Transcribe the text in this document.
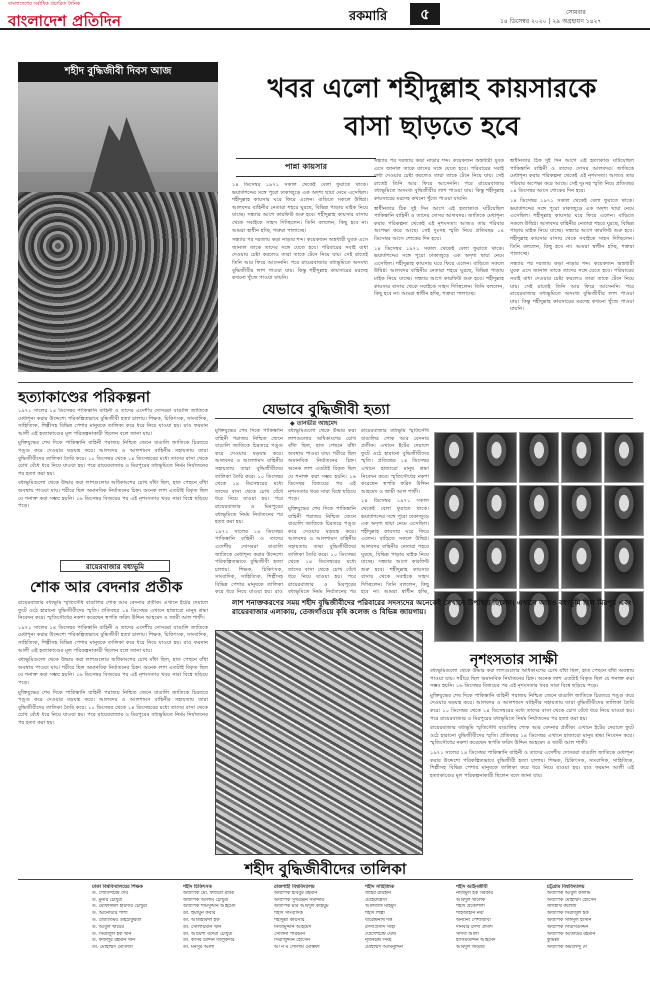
বাংলাদেশের সর্বাধিক প্রচারিত দৈনিক
বাংলাদেশ প্রতিদিন	রকমারি	৫	সোমবার
১৪ ডিসেম্বর ২০২০ | ২৯ অগ্রহায়ণ ১৪২৭
শহীদ বুদ্ধিজীবী দিবস আজ
খবর এলো শহীদুল্লাহ কায়সারকে
বাসা ছাড়তে হবে
পান্না কায়সার

১৪ ডিসেম্বর ১৯৭১ সকাল থেকেই বেলা ফুরাতে থাকে। ভয়ার্তশব্দের সঙ্গে পুরো ঢাকাজুড়ে এক অদৃশ্য ছায়া নেমে এসেছিল। শহীদুল্লাহ কায়সার ঘরে ফিরে এলেন। বাড়িতে সকলে উদ্বিগ্ন। আলবদর বাহিনীর নেতারা শহরে ঘুরছে, বিভিন্ন পাড়ায় মাইক নিয়ে যাচ্ছে। সন্ধ্যার আগে কারফিউ শুরু হবে। শহীদুল্লাহ কায়সার বাসায় থেকে সবাইকে সাহস দিচ্ছিলেন। তিনি বললেন, কিছু হবে না। আমরা স্বাধীন হচ্ছি, শত্রুরা পালাচ্ছে।

সন্ধ্যার পর দরজায় কড়া নাড়ার শব্দ। কয়েকজন অস্ত্রধারী যুবক এসে জানাল তাকে তাদের সঙ্গে যেতে হবে। পরিবারের সবাই বাধা দেওয়ার চেষ্টা করলেও তারা তাকে টেনে নিয়ে যায়। সেই রাতেই তিনি আর ফিরে আসেননি। পরে রায়েরবাজার বধ্যভূমিতে অসংখ্য বুদ্ধিজীবীর লাশ পাওয়া যায়। কিন্তু শহীদুল্লাহ কায়সারের মরদেহ কখনো খুঁজে পাওয়া যায়নি।

সন্ধ্যার পর দরজায় কড়া নাড়ার শব্দ। কয়েকজন অস্ত্রধারী যুবক এসে জানাল তাকে তাদের সঙ্গে যেতে হবে। পরিবারের সবাই বাধা দেওয়ার চেষ্টা করলেও তারা তাকে টেনে নিয়ে যায়। সেই রাতেই তিনি আর ফিরে আসেননি। পরে রায়েরবাজার বধ্যভূমিতে অসংখ্য বুদ্ধিজীবীর লাশ পাওয়া যায়। কিন্তু শহীদুল্লাহ কায়সারের মরদেহ কখনো খুঁজে পাওয়া যায়নি।

স্বাধীনতার ঠিক দুই দিন আগে এই হত্যাকাণ্ড ঘটিয়েছিল পাকিস্তানি বাহিনী ও তাদের দোসর আলবদর। জাতিকে মেধাশূন্য করার পরিকল্পনা থেকেই এই নৃশংসতা। আজও তার পরিবার অপেক্ষা করে আছে। সেই দুঃসহ স্মৃতি নিয়ে প্রতিবছর ১৪ ডিসেম্বর আসে শোকের দিন হয়ে।

১৪ ডিসেম্বর ১৯৭১ সকাল থেকেই বেলা ফুরাতে থাকে। ভয়ার্তশব্দের সঙ্গে পুরো ঢাকাজুড়ে এক অদৃশ্য ছায়া নেমে এসেছিল। শহীদুল্লাহ কায়সার ঘরে ফিরে এলেন। বাড়িতে সকলে উদ্বিগ্ন। আলবদর বাহিনীর নেতারা শহরে ঘুরছে, বিভিন্ন পাড়ায় মাইক নিয়ে যাচ্ছে। সন্ধ্যার আগে কারফিউ শুরু হবে। শহীদুল্লাহ কায়সার বাসায় থেকে সবাইকে সাহস দিচ্ছিলেন। তিনি বললেন, কিছু হবে না। আমরা স্বাধীন হচ্ছি, শত্রুরা পালাচ্ছে।

স্বাধীনতার ঠিক দুই দিন আগে এই হত্যাকাণ্ড ঘটিয়েছিল পাকিস্তানি বাহিনী ও তাদের দোসর আলবদর। জাতিকে মেধাশূন্য করার পরিকল্পনা থেকেই এই নৃশংসতা। আজও তার পরিবার অপেক্ষা করে আছে। সেই দুঃসহ স্মৃতি নিয়ে প্রতিবছর ১৪ ডিসেম্বর আসে শোকের দিন হয়ে।

১৪ ডিসেম্বর ১৯৭১ সকাল থেকেই বেলা ফুরাতে থাকে। ভয়ার্তশব্দের সঙ্গে পুরো ঢাকাজুড়ে এক অদৃশ্য ছায়া নেমে এসেছিল। শহীদুল্লাহ কায়সার ঘরে ফিরে এলেন। বাড়িতে সকলে উদ্বিগ্ন। আলবদর বাহিনীর নেতারা শহরে ঘুরছে, বিভিন্ন পাড়ায় মাইক নিয়ে যাচ্ছে। সন্ধ্যার আগে কারফিউ শুরু হবে। শহীদুল্লাহ কায়সার বাসায় থেকে সবাইকে সাহস দিচ্ছিলেন। তিনি বললেন, কিছু হবে না। আমরা স্বাধীন হচ্ছি, শত্রুরা পালাচ্ছে।

সন্ধ্যার পর দরজায় কড়া নাড়ার শব্দ। কয়েকজন অস্ত্রধারী যুবক এসে জানাল তাকে তাদের সঙ্গে যেতে হবে। পরিবারের সবাই বাধা দেওয়ার চেষ্টা করলেও তারা তাকে টেনে নিয়ে যায়। সেই রাতেই তিনি আর ফিরে আসেননি। পরে রায়েরবাজার বধ্যভূমিতে অসংখ্য বুদ্ধিজীবীর লাশ পাওয়া যায়। কিন্তু শহীদুল্লাহ কায়সারের মরদেহ কখনো খুঁজে পাওয়া যায়নি।

হত্যাকাণ্ডের পরিকল্পনা

১৯৭১ সালের ১৪ ডিসেম্বর পাকিস্তানি বাহিনী ও তাদের এদেশীয় দোসররা বাঙালি জাতিকে মেধাশূন্য করার উদ্দেশ্যে পরিকল্পিতভাবে বুদ্ধিজীবী হত্যা চালায়। শিক্ষক, চিকিৎসক, সাংবাদিক, সাহিত্যিক, শিল্পীসহ বিভিন্ন পেশার মানুষকে তালিকা করে ধরে নিয়ে যাওয়া হয়। রাও ফরমান আলী এই হত্যাকাণ্ডের মূল পরিকল্পনাকারী ছিলেন বলে জানা যায়।

মুক্তিযুদ্ধের শেষ দিকে পাকিস্তানি বাহিনী পরাজয় নিশ্চিত জেনে বাঙালি জাতিকে চিরতরে পঙ্গু করে দেওয়ার ষড়যন্ত্র করে। আলবদর ও আলশামস বাহিনীর সহায়তায় তারা বুদ্ধিজীবীদের তালিকা তৈরি করে। ১০ ডিসেম্বর থেকে ১৪ ডিসেম্বরের মধ্যে তাদের বাসা থেকে চোখ বেঁধে ধরে নিয়ে যাওয়া হয়। পরে রায়েরবাজার ও মিরপুরের বধ্যভূমিতে নির্মম নির্যাতনের পর হত্যা করা হয়।

বধ্যভূমিগুলো থেকে উদ্ধার করা লাশগুলোর অধিকাংশের চোখ বাঁধা ছিল, হাত পেছনে বাঁধা অবস্থায় পাওয়া যায়। শরীরে ছিল অমানবিক নির্যাতনের চিহ্ন। অনেক লাশ এতটাই বিকৃত ছিল যে শনাক্ত করা সম্ভব হয়নি। ১৬ ডিসেম্বর বিজয়ের পর এই নৃশংসতার খবর সারা বিশ্বে ছড়িয়ে পড়ে।

রায়েরবাজার বধ্যভূমি
শোক আর বেদনার প্রতীক

রায়েরবাজার বধ্যভূমি স্মৃতিসৌধ বাঙালির শোক আর বেদনার প্রতীক। এখানে ইটের দেয়ালে ফুটে ওঠে হারানো বুদ্ধিজীবীদের স্মৃতি। প্রতিবছর ১৪ ডিসেম্বর এখানে হাজারো মানুষ শ্রদ্ধা নিবেদন করে। স্মৃতিসৌধের নকশা করেছেন স্থপতি ফরিদ উদ্দিন আহমেদ ও জামী আল শাফী।

১৯৭১ সালের ১৪ ডিসেম্বর পাকিস্তানি বাহিনী ও তাদের এদেশীয় দোসররা বাঙালি জাতিকে মেধাশূন্য করার উদ্দেশ্যে পরিকল্পিতভাবে বুদ্ধিজীবী হত্যা চালায়। শিক্ষক, চিকিৎসক, সাংবাদিক, সাহিত্যিক, শিল্পীসহ বিভিন্ন পেশার মানুষকে তালিকা করে ধরে নিয়ে যাওয়া হয়। রাও ফরমান আলী এই হত্যাকাণ্ডের মূল পরিকল্পনাকারী ছিলেন বলে জানা যায়।

বধ্যভূমিগুলো থেকে উদ্ধার করা লাশগুলোর অধিকাংশের চোখ বাঁধা ছিল, হাত পেছনে বাঁধা অবস্থায় পাওয়া যায়। শরীরে ছিল অমানবিক নির্যাতনের চিহ্ন। অনেক লাশ এতটাই বিকৃত ছিল যে শনাক্ত করা সম্ভব হয়নি। ১৬ ডিসেম্বর বিজয়ের পর এই নৃশংসতার খবর সারা বিশ্বে ছড়িয়ে পড়ে।

মুক্তিযুদ্ধের শেষ দিকে পাকিস্তানি বাহিনী পরাজয় নিশ্চিত জেনে বাঙালি জাতিকে চিরতরে পঙ্গু করে দেওয়ার ষড়যন্ত্র করে। আলবদর ও আলশামস বাহিনীর সহায়তায় তারা বুদ্ধিজীবীদের তালিকা তৈরি করে। ১০ ডিসেম্বর থেকে ১৪ ডিসেম্বরের মধ্যে তাদের বাসা থেকে চোখ বেঁধে ধরে নিয়ে যাওয়া হয়। পরে রায়েরবাজার ও মিরপুরের বধ্যভূমিতে নির্মম নির্যাতনের পর হত্যা করা হয়।

যেভাবে বুদ্ধিজীবী হত্যা
◆ তানভীর আহমেদ

মুক্তিযুদ্ধের শেষ দিকে পাকিস্তানি বাহিনী পরাজয় নিশ্চিত জেনে বাঙালি জাতিকে চিরতরে পঙ্গু করে দেওয়ার ষড়যন্ত্র করে। আলবদর ও আলশামস বাহিনীর সহায়তায় তারা বুদ্ধিজীবীদের তালিকা তৈরি করে। ১০ ডিসেম্বর থেকে ১৪ ডিসেম্বরের মধ্যে তাদের বাসা থেকে চোখ বেঁধে ধরে নিয়ে যাওয়া হয়। পরে রায়েরবাজার ও মিরপুরের বধ্যভূমিতে নির্মম নির্যাতনের পর হত্যা করা হয়।

১৯৭১ সালের ১৪ ডিসেম্বর পাকিস্তানি বাহিনী ও তাদের এদেশীয় দোসররা বাঙালি জাতিকে মেধাশূন্য করার উদ্দেশ্যে পরিকল্পিতভাবে বুদ্ধিজীবী হত্যা চালায়। শিক্ষক, চিকিৎসক, সাংবাদিক, সাহিত্যিক, শিল্পীসহ বিভিন্ন পেশার মানুষকে তালিকা করে ধরে নিয়ে যাওয়া হয়। রাও

বধ্যভূমিগুলো থেকে উদ্ধার করা লাশগুলোর অধিকাংশের চোখ বাঁধা ছিল, হাত পেছনে বাঁধা অবস্থায় পাওয়া যায়। শরীরে ছিল অমানবিক নির্যাতনের চিহ্ন। অনেক লাশ এতটাই বিকৃত ছিল যে শনাক্ত করা সম্ভব হয়নি। ১৬ ডিসেম্বর বিজয়ের পর এই নৃশংসতার খবর সারা বিশ্বে ছড়িয়ে পড়ে।

মুক্তিযুদ্ধের শেষ দিকে পাকিস্তানি বাহিনী পরাজয় নিশ্চিত জেনে বাঙালি জাতিকে চিরতরে পঙ্গু করে দেওয়ার ষড়যন্ত্র করে। আলবদর ও আলশামস বাহিনীর সহায়তায় তারা বুদ্ধিজীবীদের তালিকা তৈরি করে। ১০ ডিসেম্বর থেকে ১৪ ডিসেম্বরের মধ্যে তাদের বাসা থেকে চোখ বেঁধে ধরে নিয়ে যাওয়া হয়। পরে রায়েরবাজার ও মিরপুরের বধ্যভূমিতে নির্মম নির্যাতনের পর

রায়েরবাজার বধ্যভূমি স্মৃতিসৌধ বাঙালির শোক আর বেদনার প্রতীক। এখানে ইটের দেয়ালে ফুটে ওঠে হারানো বুদ্ধিজীবীদের স্মৃতি। প্রতিবছর ১৪ ডিসেম্বর এখানে হাজারো মানুষ শ্রদ্ধা নিবেদন করে। স্মৃতিসৌধের নকশা করেছেন স্থপতি ফরিদ উদ্দিন আহমেদ ও জামী আল শাফী।

১৪ ডিসেম্বর ১৯৭১ সকাল থেকেই বেলা ফুরাতে থাকে। ভয়ার্তশব্দের সঙ্গে পুরো ঢাকাজুড়ে এক অদৃশ্য ছায়া নেমে এসেছিল। শহীদুল্লাহ কায়সার ঘরে ফিরে এলেন। বাড়িতে সকলে উদ্বিগ্ন। আলবদর বাহিনীর নেতারা শহরে ঘুরছে, বিভিন্ন পাড়ায় মাইক নিয়ে যাচ্ছে। সন্ধ্যার আগে কারফিউ শুরু হবে। শহীদুল্লাহ কায়সার বাসায় থেকে সবাইকে সাহস দিচ্ছিলেন। তিনি বললেন, কিছু হবে না। আমরা স্বাধীন হচ্ছি,

লাশ শনাক্তকরণের সময় শহীদ বুদ্ধিজীবীদের পরিবারের সদস্যদের অনেকেই সেখানে উপস্থিত ছিলেন। এখানে আরও বধ্যভূমি ছিল মিরপুর এবং রায়েরবাজার এলাকায়, তেজগাঁওয়ে কৃষি কলেজ ও বিভিন্ন জায়গায়।
নৃশংসতার সাক্ষী

বধ্যভূমিগুলো থেকে উদ্ধার করা লাশগুলোর অধিকাংশের চোখ বাঁধা ছিল, হাত পেছনে বাঁধা অবস্থায় পাওয়া যায়। শরীরে ছিল অমানবিক নির্যাতনের চিহ্ন। অনেক লাশ এতটাই বিকৃত ছিল যে শনাক্ত করা সম্ভব হয়নি। ১৬ ডিসেম্বর বিজয়ের পর এই নৃশংসতার খবর সারা বিশ্বে ছড়িয়ে পড়ে।

মুক্তিযুদ্ধের শেষ দিকে পাকিস্তানি বাহিনী পরাজয় নিশ্চিত জেনে বাঙালি জাতিকে চিরতরে পঙ্গু করে দেওয়ার ষড়যন্ত্র করে। আলবদর ও আলশামস বাহিনীর সহায়তায় তারা বুদ্ধিজীবীদের তালিকা তৈরি করে। ১০ ডিসেম্বর থেকে ১৪ ডিসেম্বরের মধ্যে তাদের বাসা থেকে চোখ বেঁধে ধরে নিয়ে যাওয়া হয়। পরে রায়েরবাজার ও মিরপুরের বধ্যভূমিতে নির্মম নির্যাতনের পর হত্যা করা হয়।

রায়েরবাজার বধ্যভূমি স্মৃতিসৌধ বাঙালির শোক আর বেদনার প্রতীক। এখানে ইটের দেয়ালে ফুটে ওঠে হারানো বুদ্ধিজীবীদের স্মৃতি। প্রতিবছর ১৪ ডিসেম্বর এখানে হাজারো মানুষ শ্রদ্ধা নিবেদন করে। স্মৃতিসৌধের নকশা করেছেন স্থপতি ফরিদ উদ্দিন আহমেদ ও জামী আল শাফী।

১৯৭১ সালের ১৪ ডিসেম্বর পাকিস্তানি বাহিনী ও তাদের এদেশীয় দোসররা বাঙালি জাতিকে মেধাশূন্য করার উদ্দেশ্যে পরিকল্পিতভাবে বুদ্ধিজীবী হত্যা চালায়। শিক্ষক, চিকিৎসক, সাংবাদিক, সাহিত্যিক, শিল্পীসহ বিভিন্ন পেশার মানুষকে তালিকা করে ধরে নিয়ে যাওয়া হয়। রাও ফরমান আলী এই হত্যাকাণ্ডের মূল পরিকল্পনাকারী ছিলেন বলে জানা যায়।

শহীদ বুদ্ধিজীবীদের তালিকা
ঢাকা বিশ্ববিদ্যালয়ের শিক্ষক
ড. গোবিন্দচন্দ্র দেব
ড. মুনীর চৌধুরী
ড. মোফাজ্জল হায়দার চৌধুরী
ড. আনোয়ার পাশা
ড. জ্যোতির্ময় গুহঠাকুরতা
ড. আবুল খায়ের
ড. সিরাজুল হক খান
ড. ফজলুর রহমান খান
ডা. মোহাম্মদ মোর্তজা
শহীদ চিকিৎসক
অধ্যাপক মো. ফজলে রাব্বী
অধ্যাপক আলীম চৌধুরী
অধ্যাপক শামসুদ্দীন আহমেদ
ডা. হুমায়ুন কবীর
ডা. আজহারুল হক
ডা. সোলায়মান খান
ডা. আয়েশা বদেরা চৌধুরী
ডা. কসির উদ্দিন তালুকদার
ডা. মনসুর আলী
রাজশাহী বিশ্ববিদ্যালয়
অধ্যাপক হবিবুর রহমান
অধ্যাপক সুখরঞ্জন সমাদ্দার
অধ্যাপক মীর আবদুল কাইয়ুম
শহীদ সাংবাদিক
শহীদুল্লা কায়সার
নিজামুদ্দীন আহমেদ
সেলিনা পারভীন
সিরাজুদ্দীন হোসেন
আ ন ম গোলাম মোস্তফা
শহীদ সাহিত্যিক
জহির রায়হান
মেহেরুন্নেসা
আলতাফ মাহমুদ
শহীদ শিল্পী
ধীরেন্দ্রনাথ দত্ত
রণদাপ্রসাদ সাহা
যোগেশচন্দ্র ঘোষ
নূতনচন্দ্র সিংহ
মোহাম্মদ আমিনুদ্দিন
শহীদ আইনজীবী
নাজমুল হক সরকার
আবদুল খালেক
শহীদ প্রকৌশলী
শাহজাহান নবী
অন্যান্য পেশাজীবী
দানবীর রণদা প্রসাদ
সাদত আলী
হাসিমউদ্দিন আহমেদ
আবদুল জব্বার
চট্টগ্রাম বিশ্ববিদ্যালয়
অধ্যাপক আবুল কালাম
অধ্যাপক মোহাম্মদ হোসেন
জগন্নাথ কলেজ
অধ্যাপক সিরাজুল হক
অধ্যাপক সাঈদুল হাসান
অধ্যাপক গিয়াসউদ্দিন
অধ্যাপক আতাউর রহমান
কুমিল্লা
অধ্যাপক অমলেন্দু দে
